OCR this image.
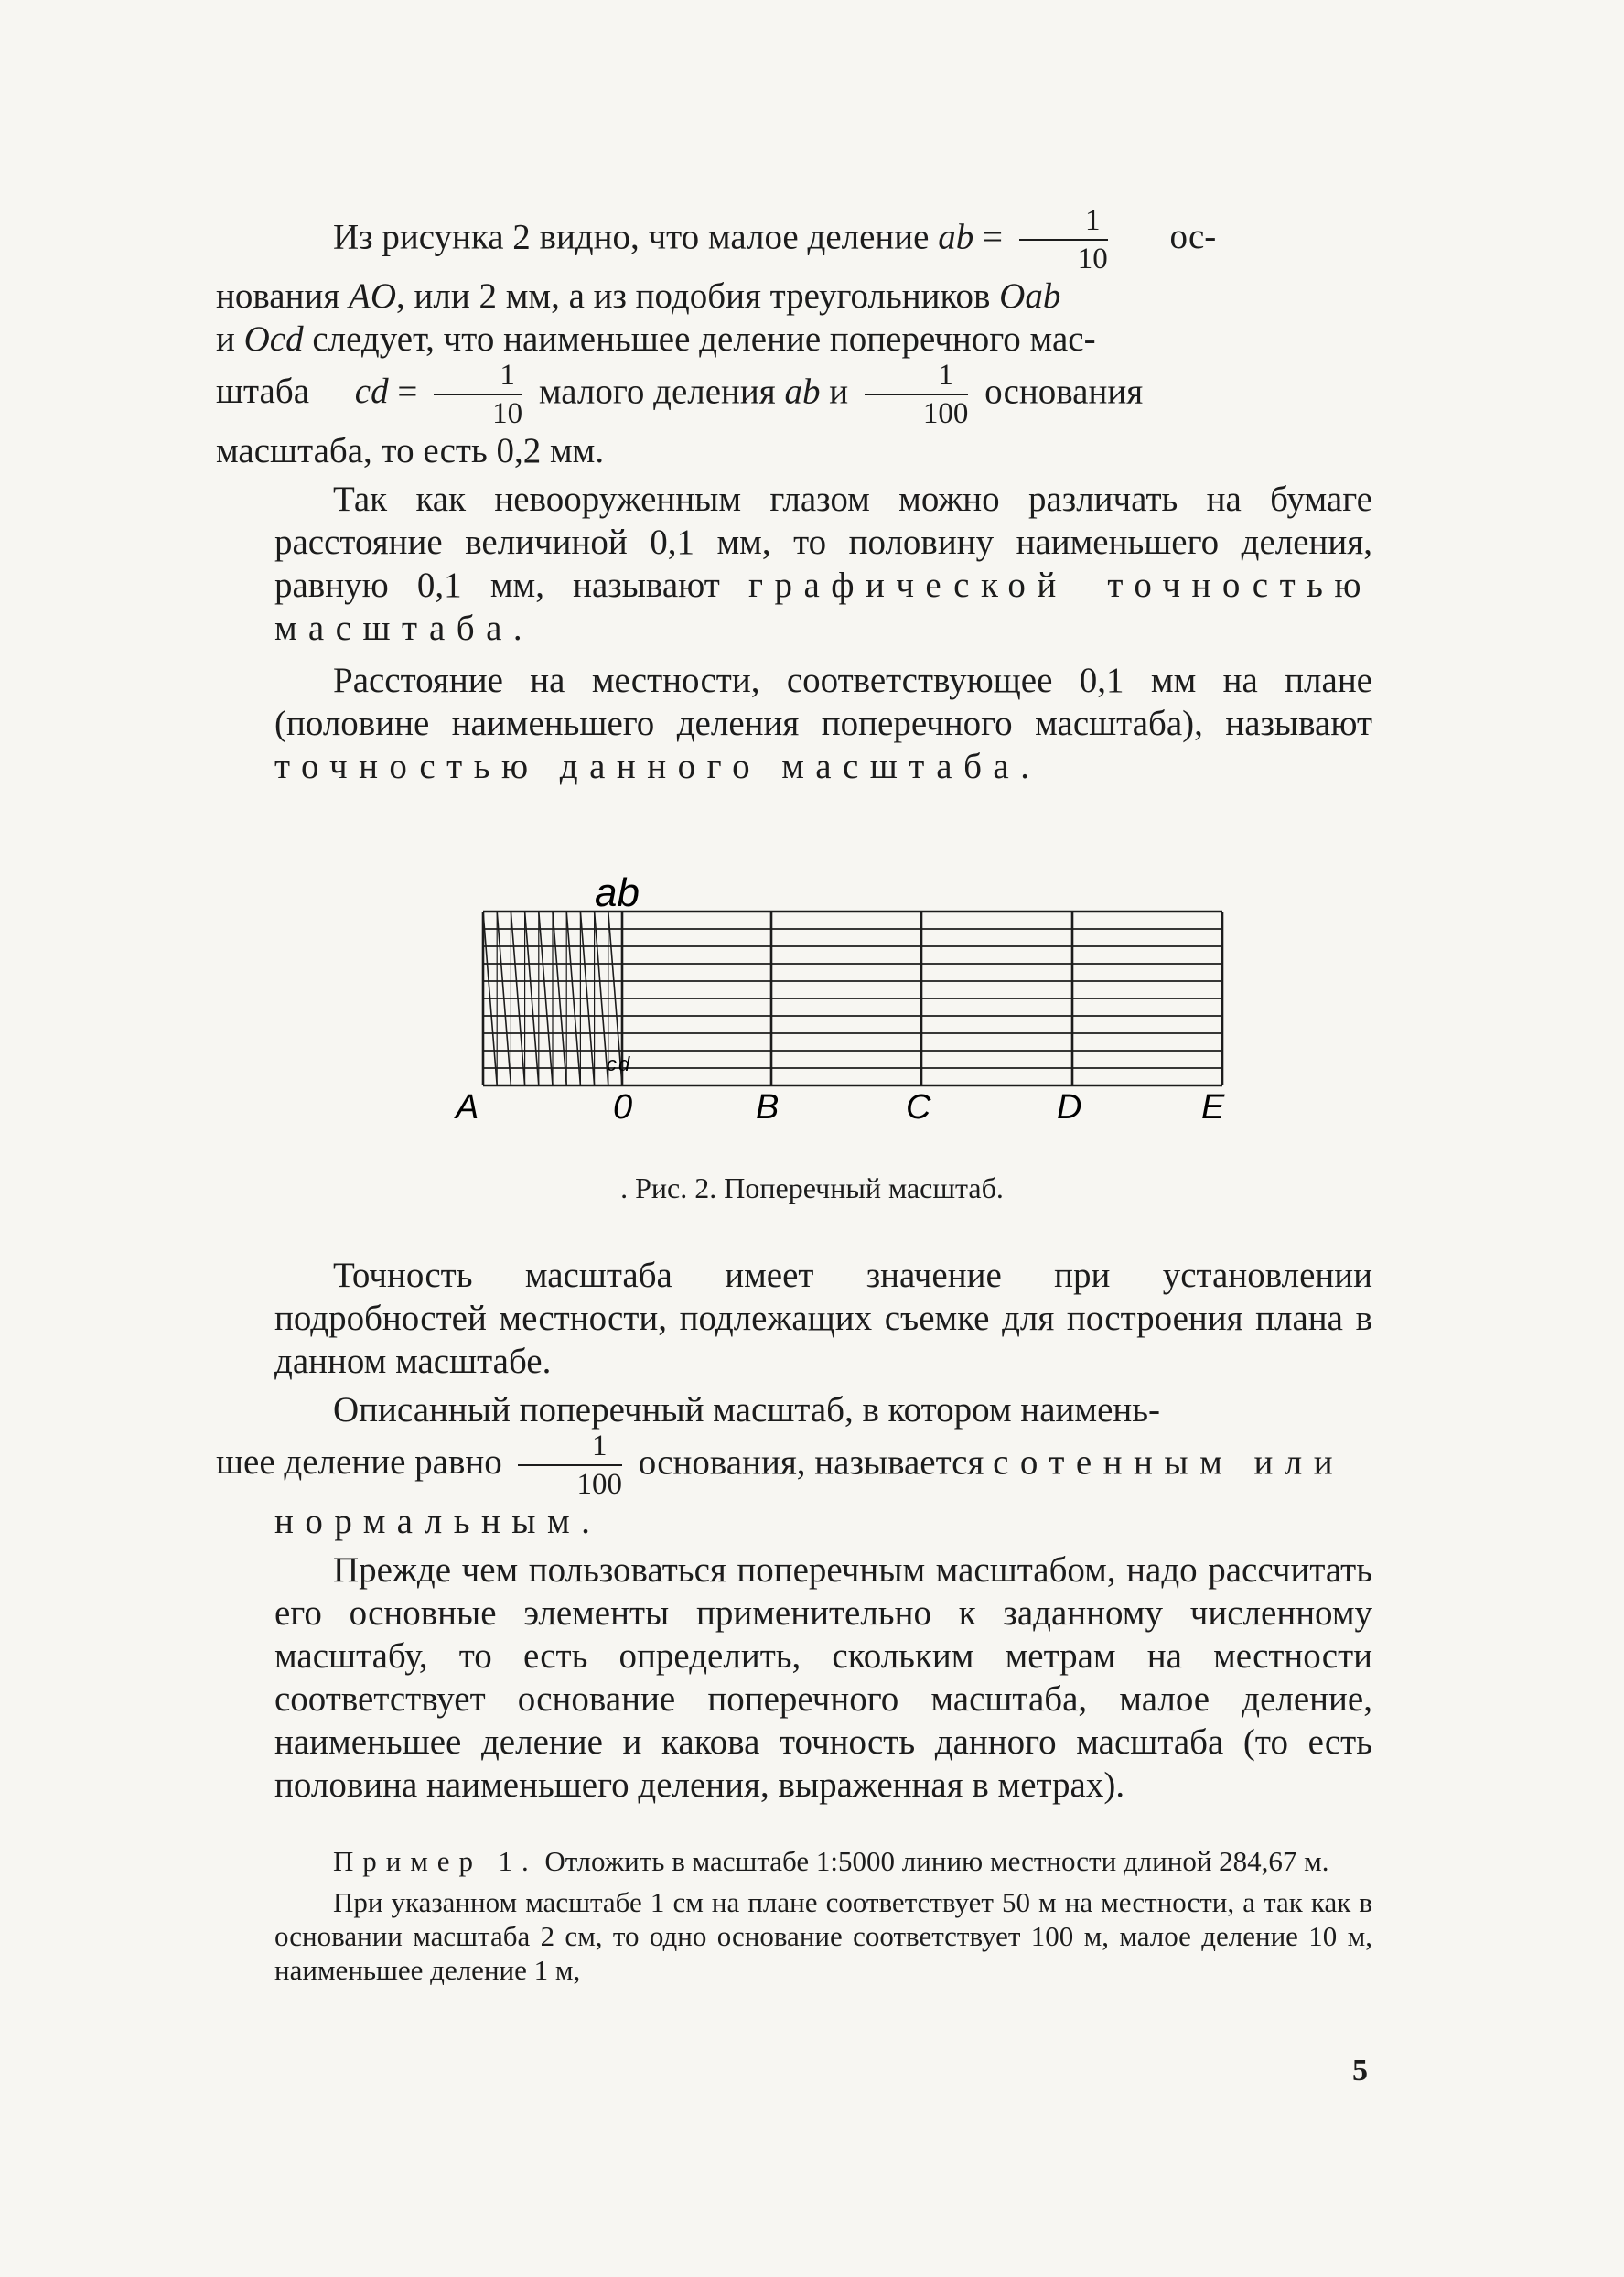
Из рисунка 2 видно, что малое деление ab = $\frac{1}{10} ос-$
нования AO, или 2 мм, а из подобия треугольников Oab
и Ocd следует, что наименьшее деление поперечного мас-
штаба cd = $\frac{1}{10}$ малого деления ab и $\frac{1}{100}$ основания
масштаба, то есть 0,2 мм.

Так как невооруженным глазом можно различать на бумаге расстояние величиной 0,1 мм, то половину наименьшего деления, равную 0,1 мм, называют графической точностью масштаба.

Расстояние на местности, соответствующее 0,1 мм на плане (половине наименьшего деления поперечного масштаба), называют точностью данного масштаба.

ab
c d
A	0	B	C	D	E
. Рис. 2. Поперечный масштаб.

Точность масштаба имеет значение при установлении подробностей местности, подлежащих съемке для построения плана в данном масштабе.

Описанный поперечный масштаб, в котором наимень-
шее деление равно $\frac{1}{100}$ основания, называется сотенным или нормальным.

Прежде чем пользоваться поперечным масштабом, надо рассчитать его основные элементы применительно к заданному численному масштабу, то есть определить, скольким метрам на местности соответствует основание поперечного масштаба, малое деление, наименьшее деление и какова точность данного масштаба (то есть половина наименьшего деления, выраженная в метрах).

Пример 1. Отложить в масштабе 1:5000 линию местности длиной 284,67 м.

При указанном масштабе 1 см на плане соответствует 50 м на местности, а так как в основании масштаба 2 см, то одно основание соответствует 100 м, малое деление 10 м, наименьшее деление 1 м,

5
